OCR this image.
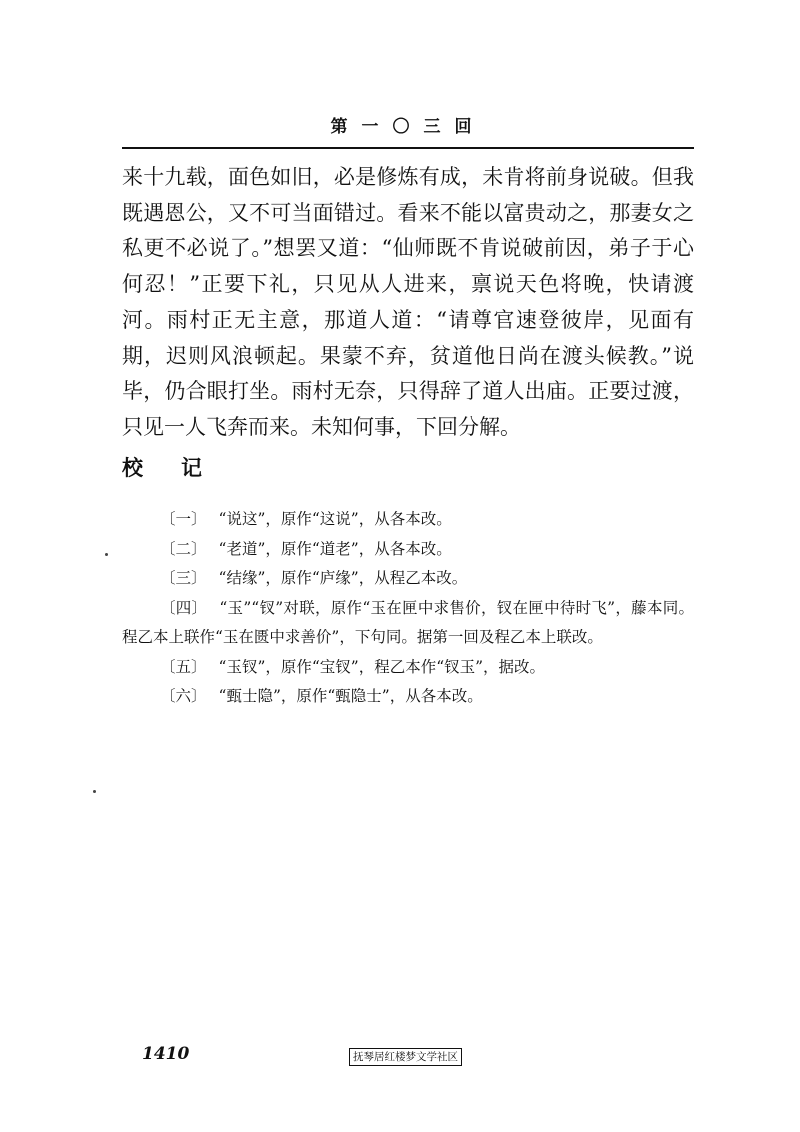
第一〇三回

来十九载，面色如旧，必是修炼有成，未肯将前身说破。但我既遇恩公，又不可当面错过。看来不能以富贵动之，那妻女之私更不必说了。”想罢又道：“仙师既不肯说破前因，弟子于心何忍！”正要下礼，只见从人进来，禀说天色将晚，快请渡河。雨村正无主意，那道人道：“请尊官速登彼岸，见面有期，迟则风浪顿起。果蒙不弃，贫道他日尚在渡头候教。”说毕，仍合眼打坐。雨村无奈，只得辞了道人出庙。正要过渡，只见一人飞奔而来。未知何事，下回分解。

校记
〔一〕 “说这”，原作“这说”，从各本改。
〔二〕 “老道”，原作“道老”，从各本改。
〔三〕 “结缘”，原作“庐缘”，从程乙本改。
〔四〕 “玉”“钗”对联，原作“玉在匣中求售价，钗在匣中待时飞”，藤本同。程乙本上联作“玉在匮中求善价”，下句同。据第一回及程乙本上联改。
〔五〕 “玉钗”，原作“宝钗”，程乙本作“钗玉”，据改。
〔六〕 “甄士隐”，原作“甄隐士”，从各本改。
1410	抚琴居红楼梦文学社区
